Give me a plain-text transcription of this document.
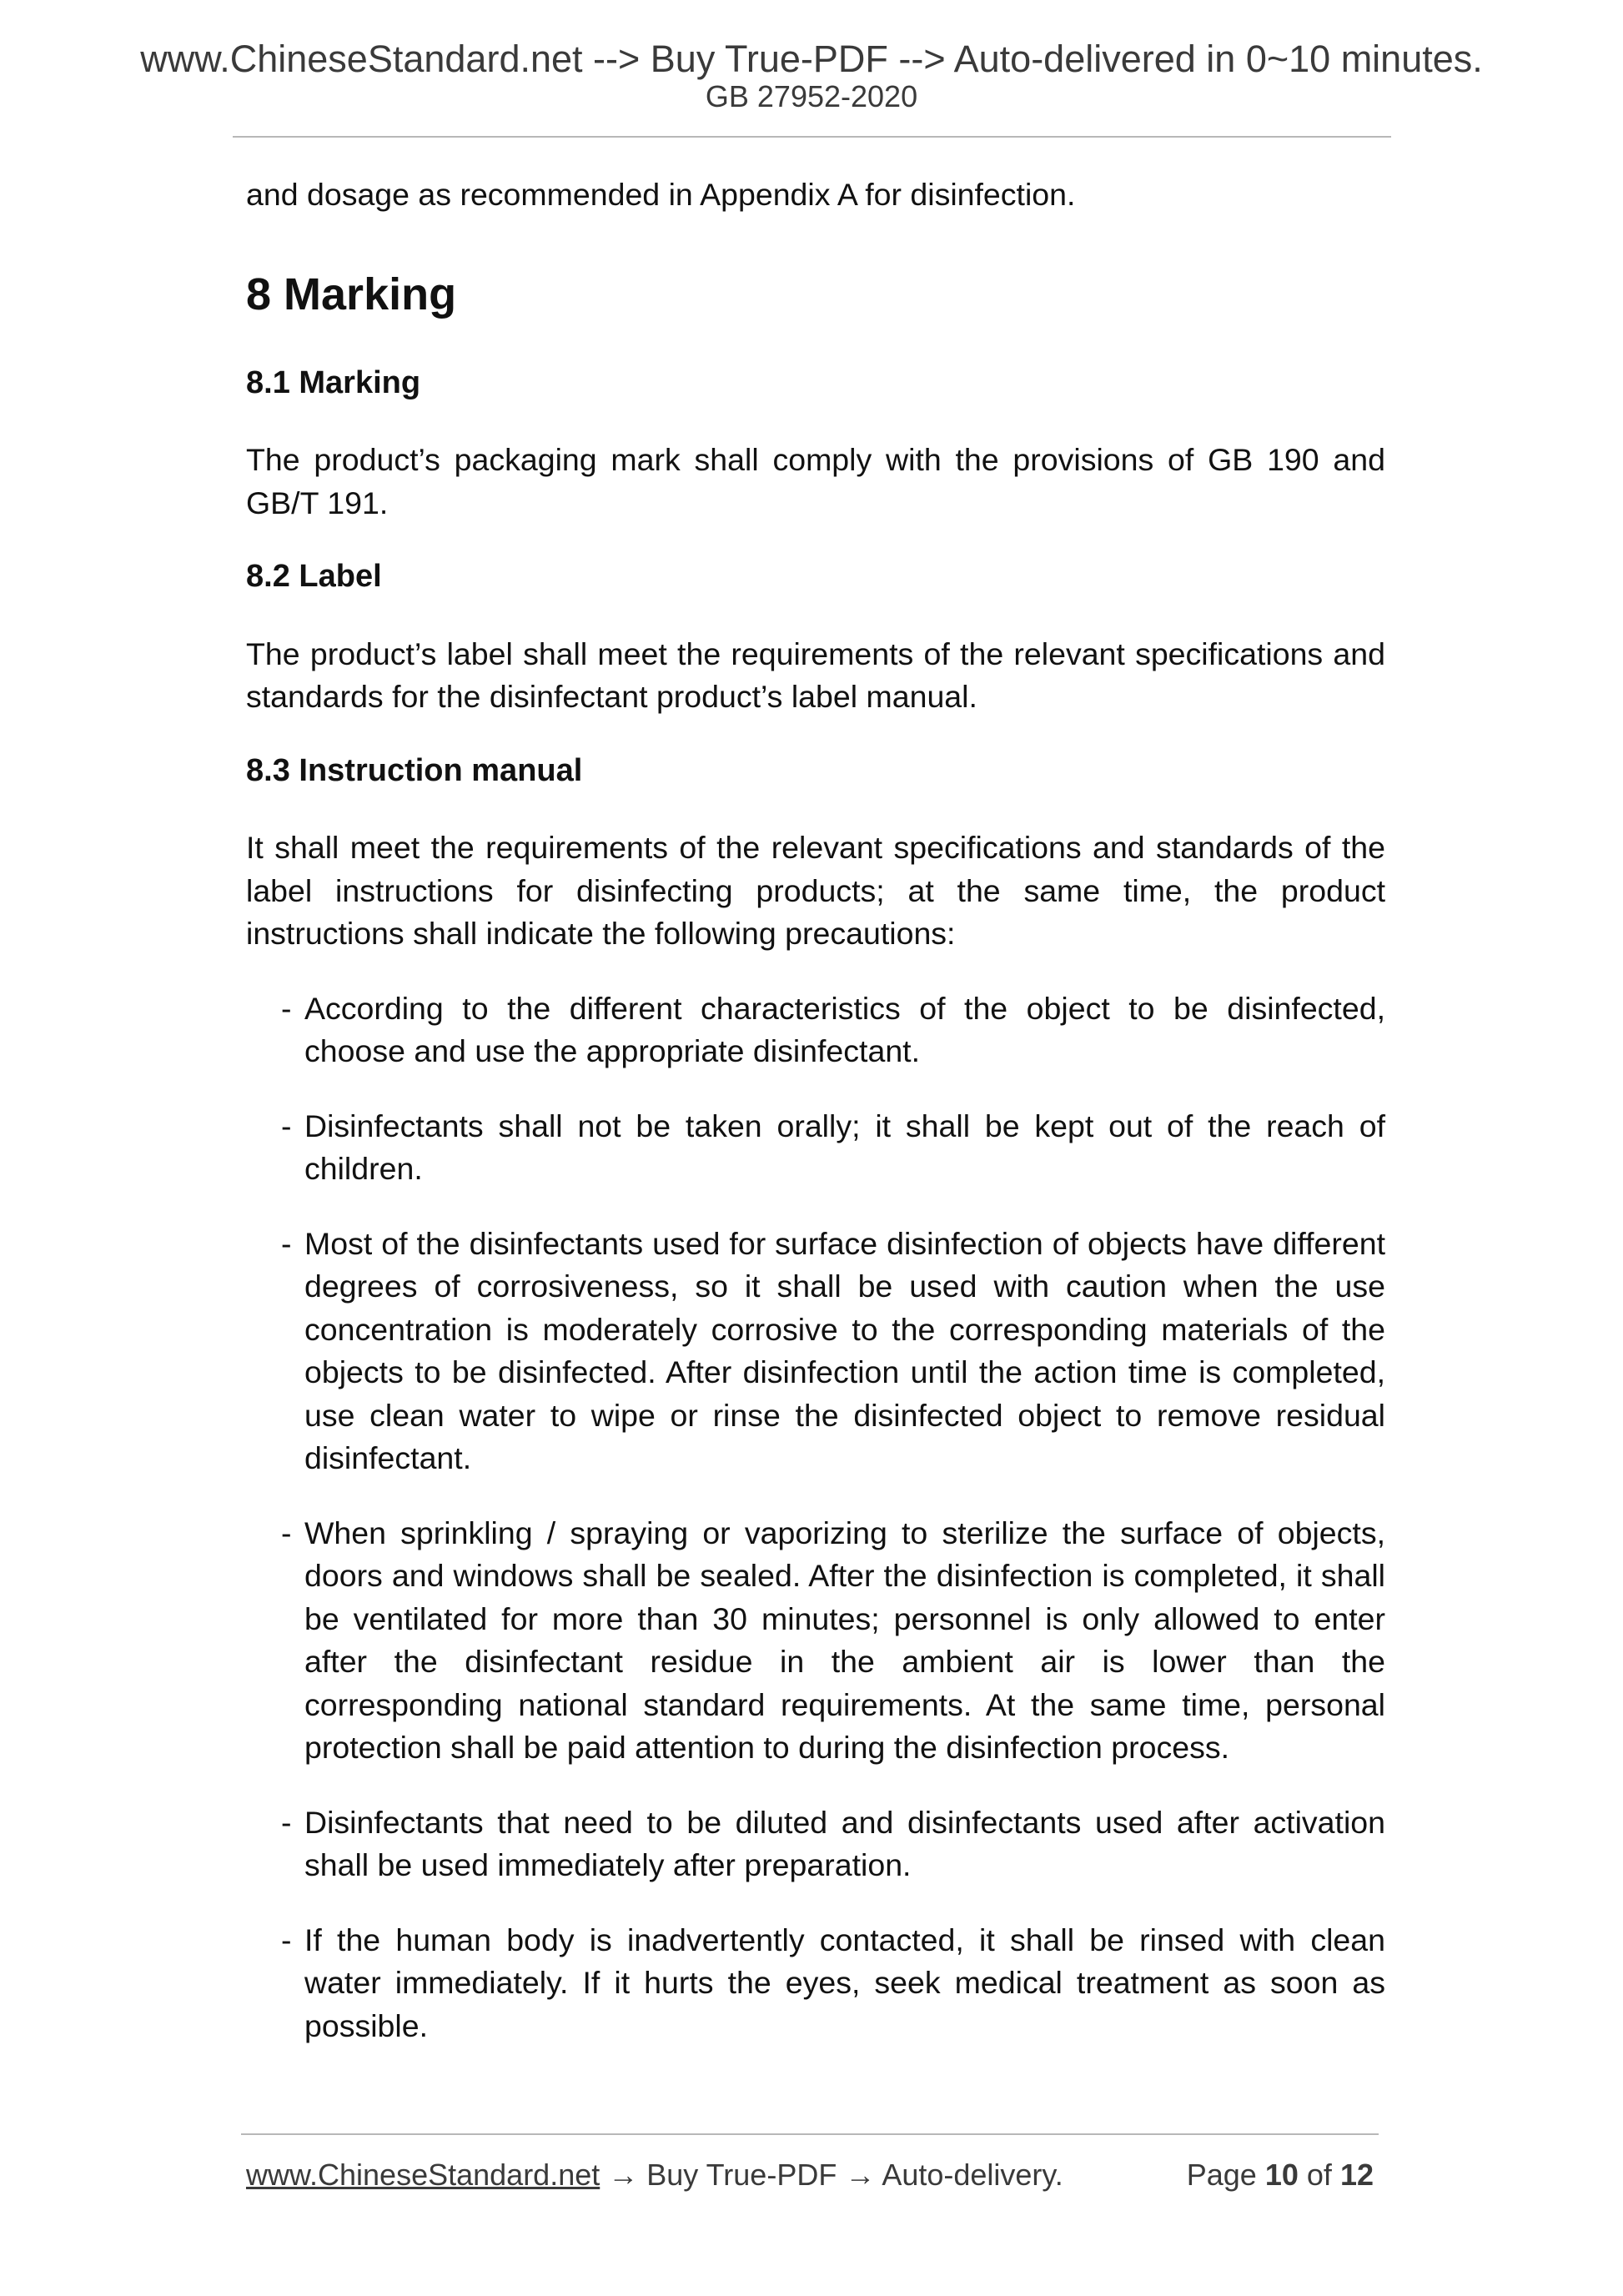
www.ChineseStandard.net --> Buy True-PDF --> Auto-delivered in 0~10 minutes.
GB 27952-2020

and dosage as recommended in Appendix A for disinfection.

8 Marking
8.1 Marking

The product’s packaging mark shall comply with the provisions of GB 190 and GB/T 191.

8.2 Label

The product’s label shall meet the requirements of the relevant specifications and standards for the disinfectant product’s label manual.

8.3 Instruction manual

It shall meet the requirements of the relevant specifications and standards of the label instructions for disinfecting products; at the same time, the product instructions shall indicate the following precautions:

- According to the different characteristics of the object to be disinfected, choose and use the appropriate disinfectant.
- Disinfectants shall not be taken orally; it shall be kept out of the reach of children.
- Most of the disinfectants used for surface disinfection of objects have different degrees of corrosiveness, so it shall be used with caution when the use concentration is moderately corrosive to the corresponding materials of the objects to be disinfected. After disinfection until the action time is completed, use clean water to wipe or rinse the disinfected object to remove residual disinfectant.
- When sprinkling / spraying or vaporizing to sterilize the surface of objects, doors and windows shall be sealed. After the disinfection is completed, it shall be ventilated for more than 30 minutes; personnel is only allowed to enter after the disinfectant residue in the ambient air is lower than the corresponding national standard requirements. At the same time, personal protection shall be paid attention to during the disinfection process.
- Disinfectants that need to be diluted and disinfectants used after activation shall be used immediately after preparation.
- If the human body is inadvertently contacted, it shall be rinsed with clean water immediately. If it hurts the eyes, seek medical treatment as soon as possible.
www.ChineseStandard.net → Buy True-PDF → Auto-delivery.	Page 10 of 12
